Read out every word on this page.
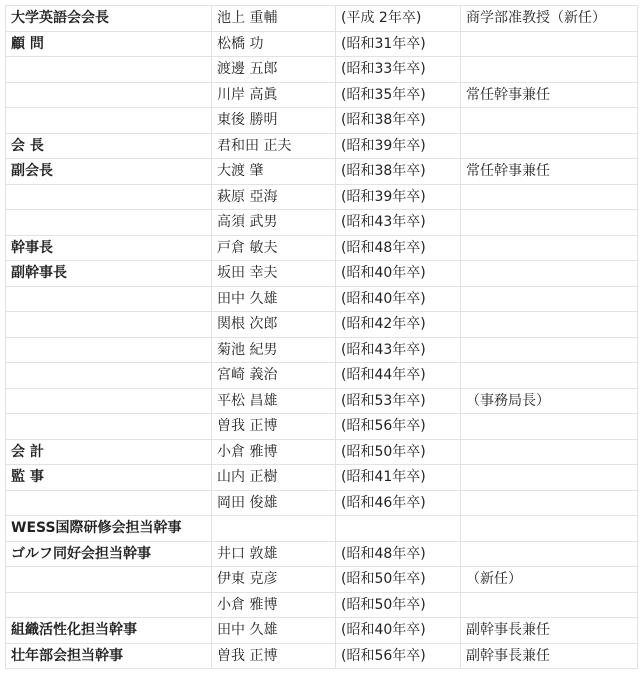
大学英語会会長	池上 重輔	(平成 2年卒)	商学部准教授（新任）
顧 問	松橋 功	(昭和31年卒)	
	渡邊 五郎	(昭和33年卒)	
	川岸 高眞	(昭和35年卒)	常任幹事兼任
	東後 勝明	(昭和38年卒)	
会 長	君和田 正夫	(昭和39年卒)	
副会長	大渡 肇	(昭和38年卒)	常任幹事兼任
	萩原 亞海	(昭和39年卒)	
	高須 武男	(昭和43年卒)	
幹事長	戸倉 敏夫	(昭和48年卒)	
副幹事長	坂田 幸夫	(昭和40年卒)	
	田中 久雄	(昭和40年卒)	
	関根 次郎	(昭和42年卒)	
	菊池 紀男	(昭和43年卒)	
	宮崎 義治	(昭和44年卒)	
	平松 昌雄	(昭和53年卒)	（事務局長）
	曽我 正博	(昭和56年卒)	
会 計	小倉 雅博	(昭和50年卒)	
監 事	山内 正樹	(昭和41年卒)	
	岡田 俊雄	(昭和46年卒)	
WESS国際研修会担当幹事			
ゴルフ同好会担当幹事	井口 敦雄	(昭和48年卒)	
	伊東 克彦	(昭和50年卒)	（新任）
	小倉 雅博	(昭和50年卒)	
組織活性化担当幹事	田中 久雄	(昭和40年卒)	副幹事長兼任
壮年部会担当幹事	曽我 正博	(昭和56年卒)	副幹事長兼任
